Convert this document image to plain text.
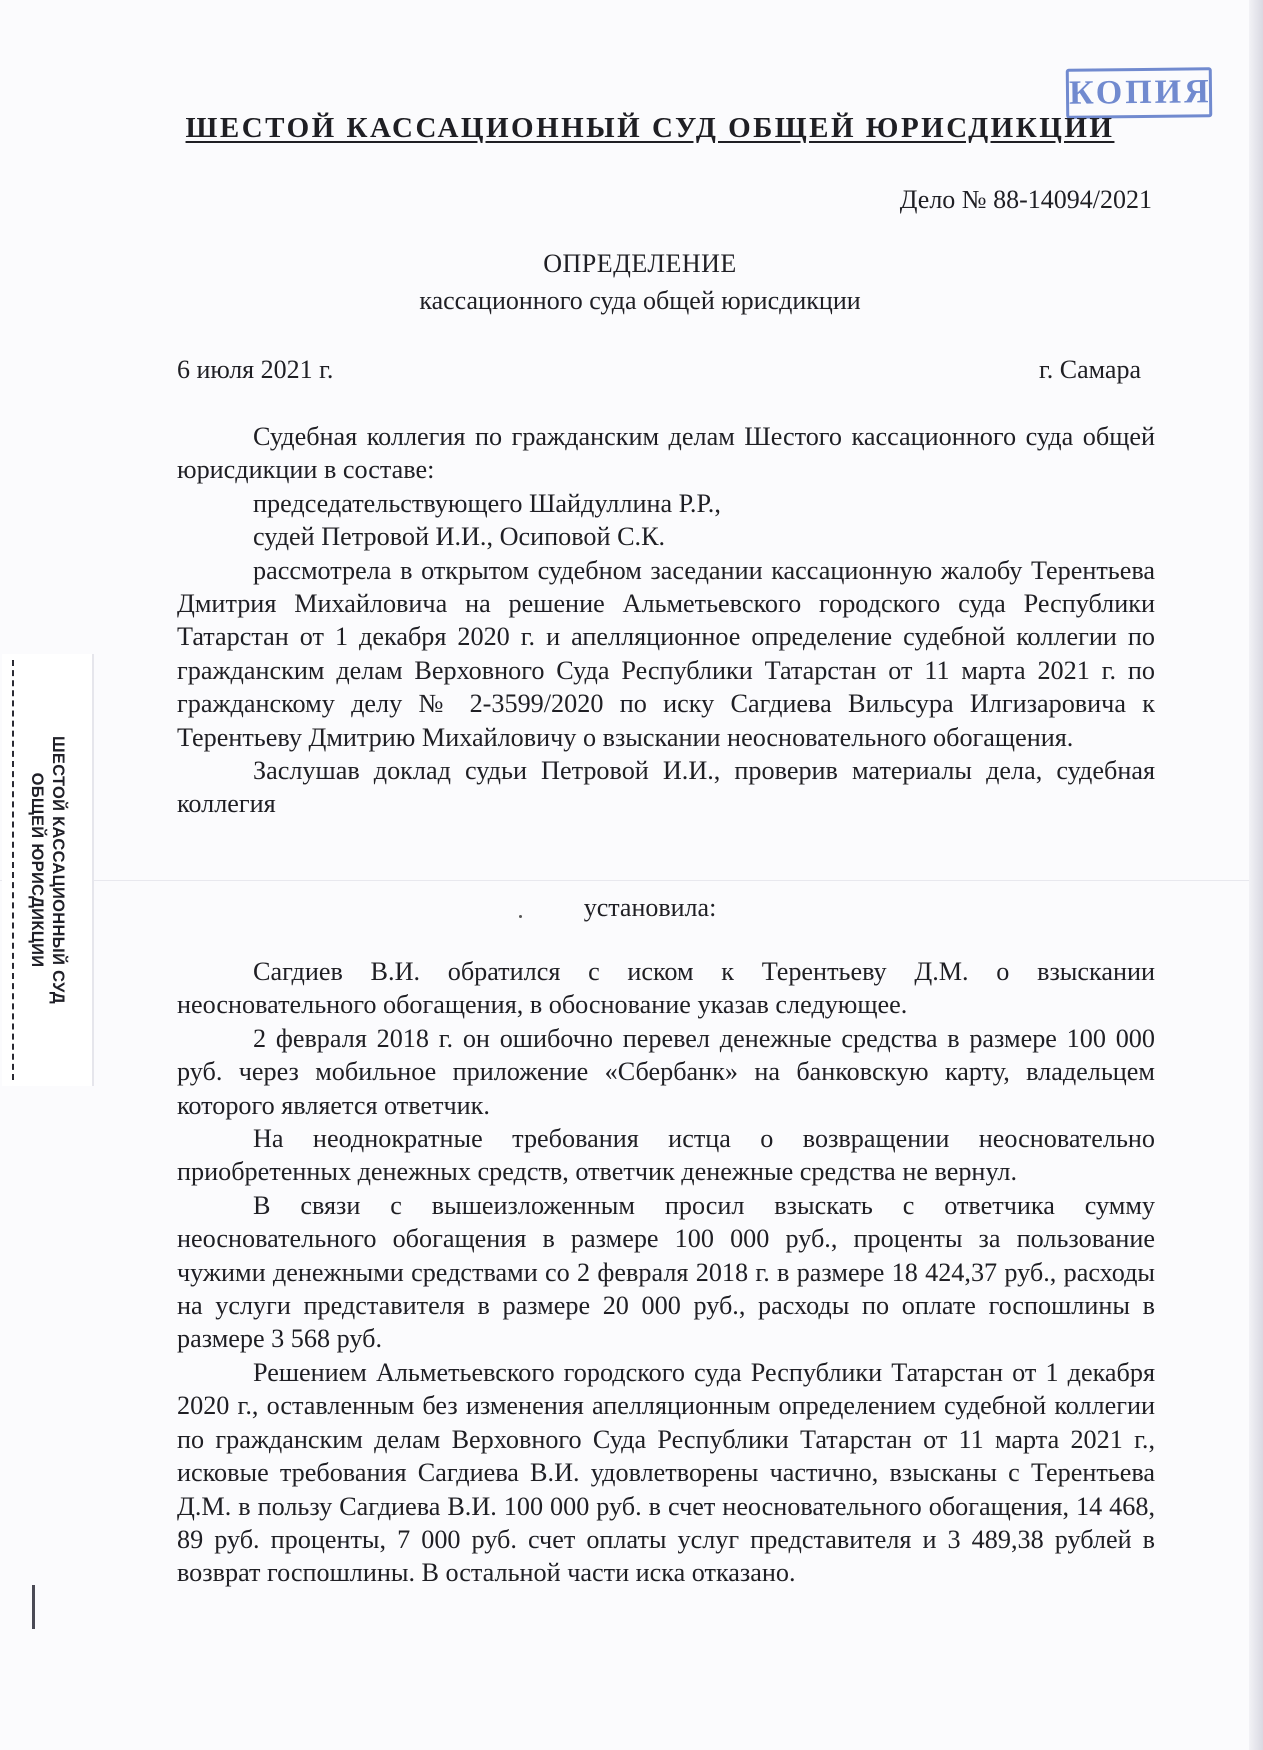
КОПИЯ
ШЕСТОЙ КАССАЦИОННЫЙ СУД ОБЩЕЙ ЮРИСДИКЦИИ
Дело № 88-14094/2021
ОПРЕДЕЛЕНИЕ
кассационного суда общей юрисдикции
6 июля 2021 г.	г. Самара

Судебная коллегия по гражданским делам Шестого кассационного суда общей юрисдикции в составе:

председательствующего Шайдуллина Р.Р.,

судей Петровой И.И., Осиповой С.К.

рассмотрела в открытом судебном заседании кассационную жалобу Терентьева Дмитрия Михайловича на решение Альметьевского городского суда Республики Татарстан от 1 декабря 2020 г. и апелляционное определение судебной коллегии по гражданским делам Верховного Суда Республики Татарстан от 11 марта 2021 г. по гражданскому делу № 2-3599/2020 по иску Сагдиева Вильсура Илгизаровича к Терентьеву Дмитрию Михайловичу о взыскании неосновательного обогащения.

Заслушав доклад судьи Петровой И.И., проверив материалы дела, судебная коллегия

установила:

Сагдиев В.И. обратился с иском к Терентьеву Д.М. о взыскании неосновательного обогащения, в обоснование указав следующее.

2 февраля 2018 г. он ошибочно перевел денежные средства в размере 100 000 руб. через мобильное приложение «Сбербанк» на банковскую карту, владельцем которого является ответчик.

На неоднократные требования истца о возвращении неосновательно приобретенных денежных средств, ответчик денежные средства не вернул.

В связи с вышеизложенным просил взыскать с ответчика сумму неосновательного обогащения в размере 100 000 руб., проценты за пользование чужими денежными средствами со 2 февраля 2018 г. в размере 18 424,37 руб., расходы на услуги представителя в размере 20 000 руб., расходы по оплате госпошлины в размере 3 568 руб.

Решением Альметьевского городского суда Республики Татарстан от 1 декабря 2020 г., оставленным без изменения апелляционным определением судебной коллегии по гражданским делам Верховного Суда Республики Татарстан от 11 марта 2021 г., исковые требования Сагдиева В.И. удовлетворены частично, взысканы с Терентьева Д.М. в пользу Сагдиева В.И. 100 000 руб. в счет неосновательного обогащения, 14 468, 89 руб. проценты, 7 000 руб. счет оплаты услуг представителя и 3 489,38 рублей в возврат госпошлины. В остальной части иска отказано.

ШЕСТОЙ КАССАЦИОННЫЙ СУД
ОБЩЕЙ ЮРИСДИКЦИИ
